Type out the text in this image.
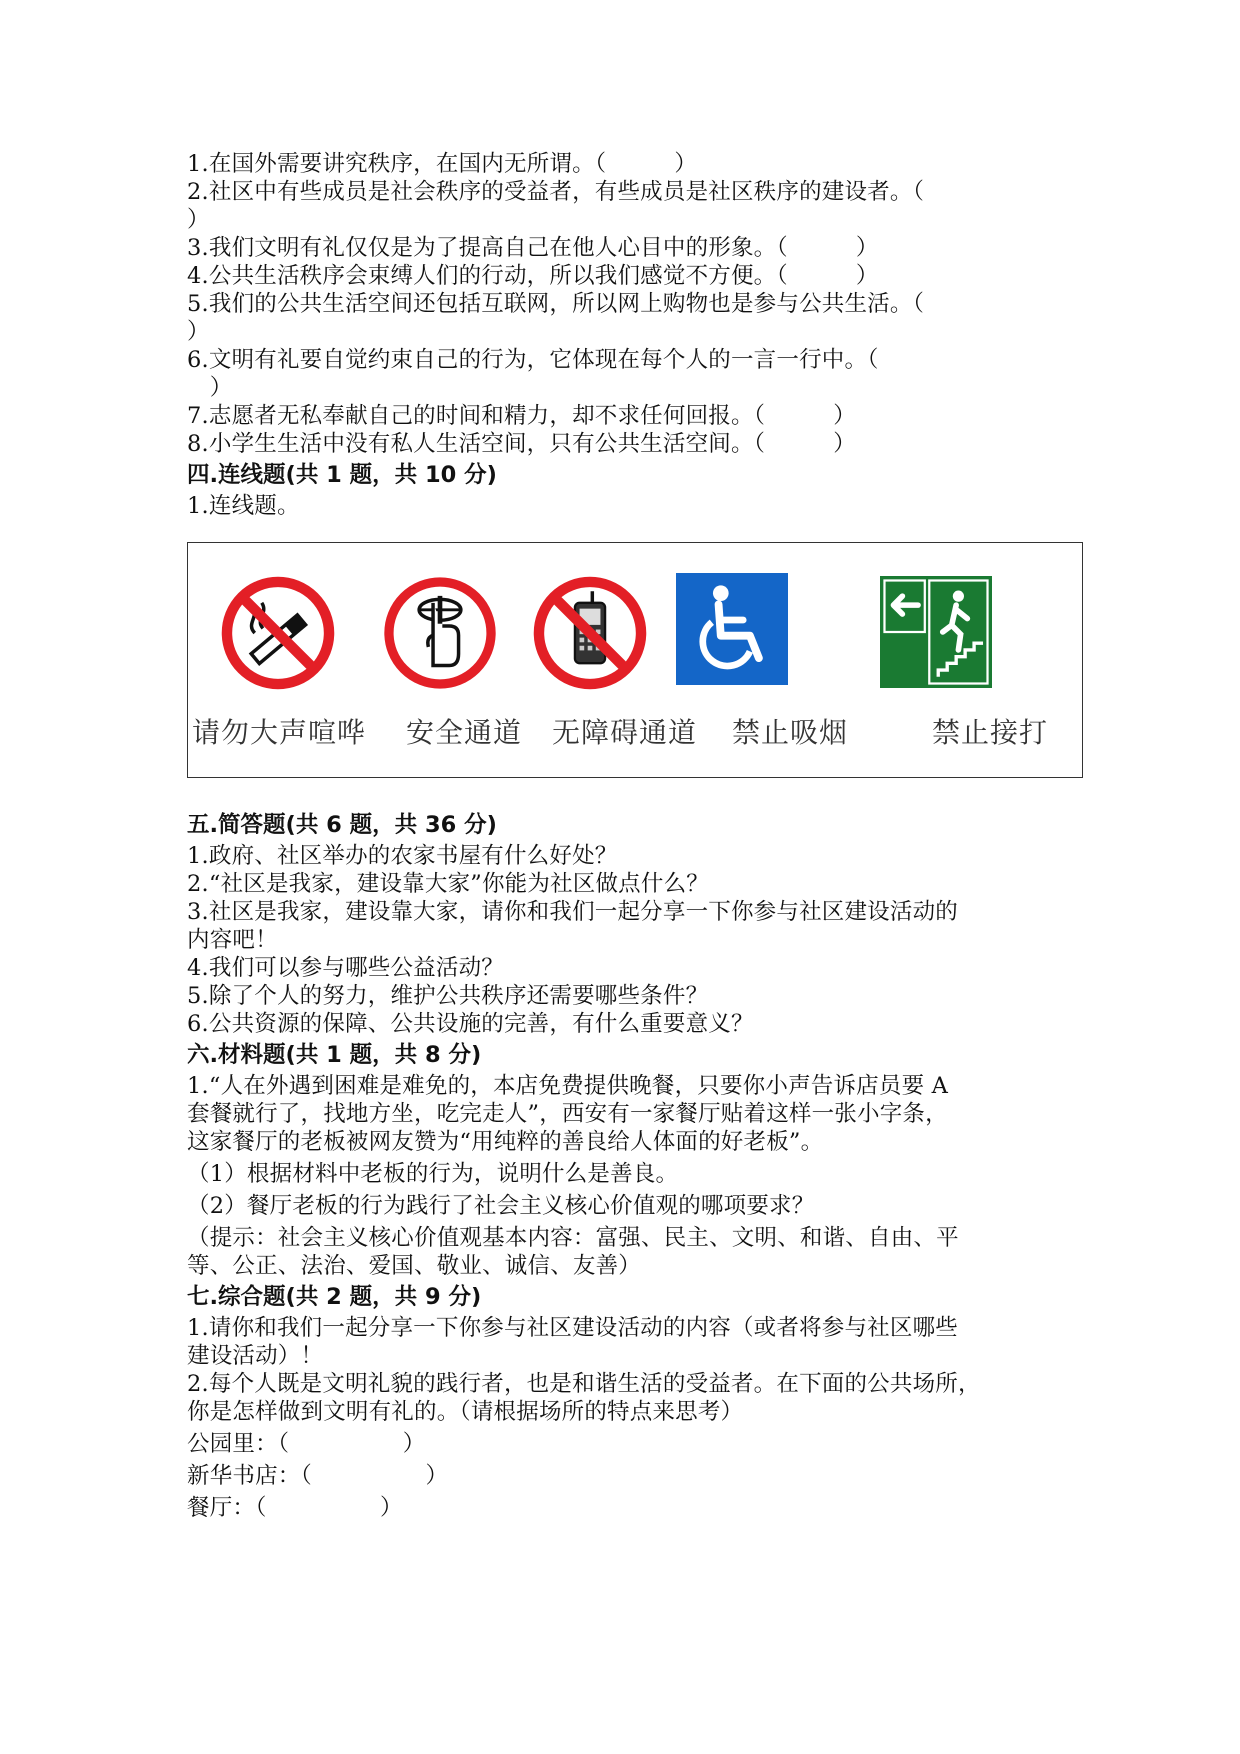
1.在国外需要讲究秩序，在国内无所谓。（　　　）
2.社区中有些成员是社会秩序的受益者，有些成员是社区秩序的建设者。（
）
3.我们文明有礼仅仅是为了提高自己在他人心目中的形象。（　　　）
4.公共生活秩序会束缚人们的行动，所以我们感觉不方便。（　　　）
5.我们的公共生活空间还包括互联网，所以网上购物也是参与公共生活。（
）
6.文明有礼要自觉约束自己的行为，它体现在每个人的一言一行中。（
　）
7.志愿者无私奉献自己的时间和精力，却不求任何回报。（　　　）
8.小学生生活中没有私人生活空间，只有公共生活空间。（　　　）
四.连线题(共 1 题，共 10 分)
1.连线题。
请勿大声喧哗 安全通道 无障碍通道 禁止吸烟	禁止接打
五.简答题(共 6 题，共 36 分)
1.政府、社区举办的农家书屋有什么好处？
2.“社区是我家，建设靠大家”你能为社区做点什么？
3.社区是我家，建设靠大家，请你和我们一起分享一下你参与社区建设活动的
内容吧！
4.我们可以参与哪些公益活动？
5.除了个人的努力，维护公共秩序还需要哪些条件？
6.公共资源的保障、公共设施的完善，有什么重要意义？
六.材料题(共 1 题，共 8 分)
1.“人在外遇到困难是难免的，本店免费提供晚餐，只要你小声告诉店员要 A
套餐就行了，找地方坐，吃完走人”，西安有一家餐厅贴着这样一张小字条，
这家餐厅的老板被网友赞为“用纯粹的善良给人体面的好老板”。
（1）根据材料中老板的行为，说明什么是善良。
（2）餐厅老板的行为践行了社会主义核心价值观的哪项要求？
（提示：社会主义核心价值观基本内容：富强、民主、文明、和谐、自由、平
等、公正、法治、爱国、敬业、诚信、友善）
七.综合题(共 2 题，共 9 分)
1.请你和我们一起分享一下你参与社区建设活动的内容（或者将参与社区哪些
建设活动）！
2.每个人既是文明礼貌的践行者，也是和谐生活的受益者。在下面的公共场所，
你是怎样做到文明有礼的。（请根据场所的特点来思考）
公园里：（　　　　　）
新华书店：（　　　　　）
餐厅：（　　　　　）
